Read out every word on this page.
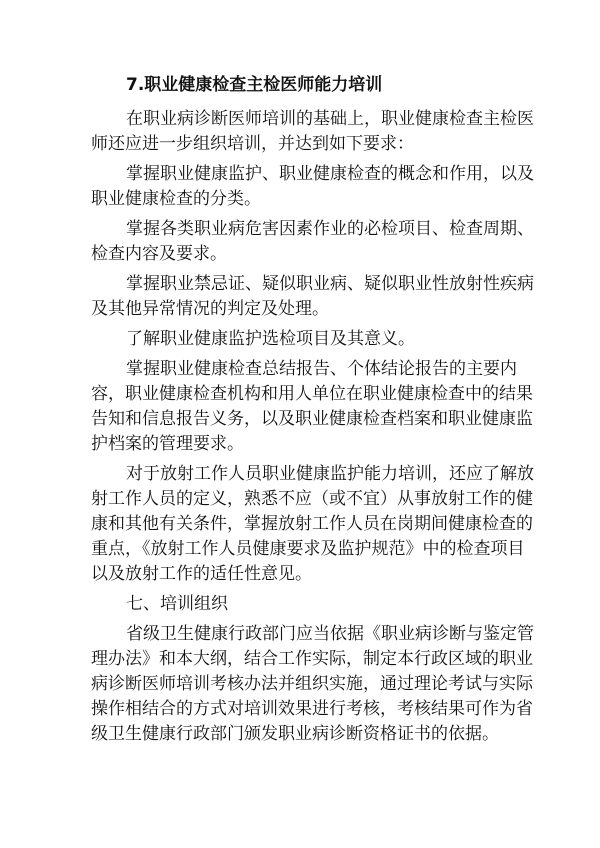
7.职业健康检查主检医师能力培训
在职业病诊断医师培训的基础上，职业健康检查主检医
师还应进一步组织培训，并达到如下要求：
掌握职业健康监护、职业健康检查的概念和作用，以及
职业健康检查的分类。
掌握各类职业病危害因素作业的必检项目、检查周期、
检查内容及要求。
掌握职业禁忌证、疑似职业病、疑似职业性放射性疾病
及其他异常情况的判定及处理。
了解职业健康监护选检项目及其意义。
掌握职业健康检查总结报告、个体结论报告的主要内
容，职业健康检查机构和用人单位在职业健康检查中的结果
告知和信息报告义务，以及职业健康检查档案和职业健康监
护档案的管理要求。
对于放射工作人员职业健康监护能力培训，还应了解放
射工作人员的定义，熟悉不应（或不宜）从事放射工作的健
康和其他有关条件，掌握放射工作人员在岗期间健康检查的
重点，《放射工作人员健康要求及监护规范》中的检查项目
以及放射工作的适任性意见。
七、培训组织
省级卫生健康行政部门应当依据《职业病诊断与鉴定管
理办法》和本大纲，结合工作实际，制定本行政区域的职业
病诊断医师培训考核办法并组织实施，通过理论考试与实际
操作相结合的方式对培训效果进行考核，考核结果可作为省
级卫生健康行政部门颁发职业病诊断资格证书的依据。
